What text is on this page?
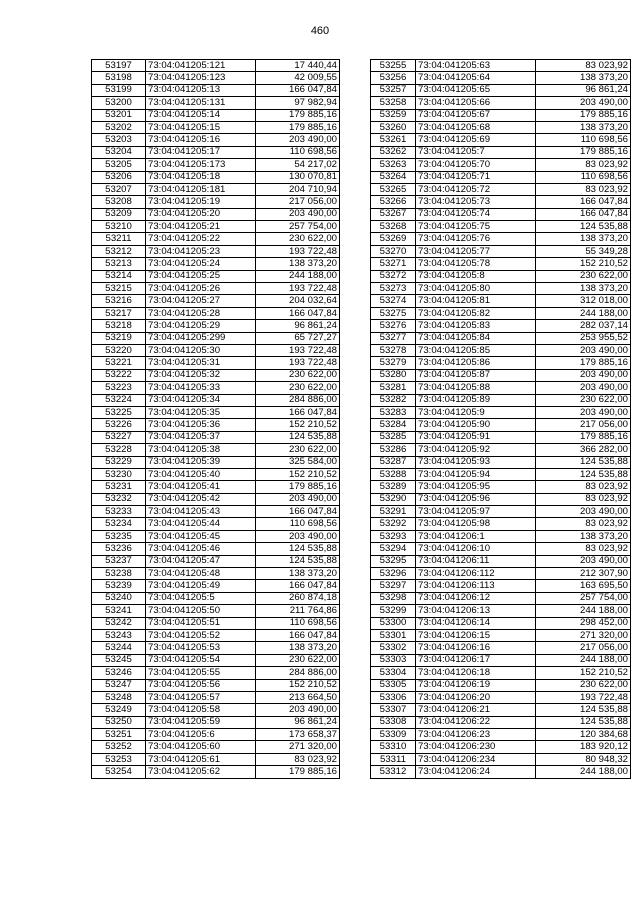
460
53197	73:04:041205:121	17 440,44
53198	73:04:041205:123	42 009,55
53199	73:04:041205:13	166 047,84
53200	73:04:041205:131	97 982,94
53201	73:04:041205:14	179 885,16
53202	73:04:041205:15	179 885,16
53203	73:04:041205:16	203 490,00
53204	73:04:041205:17	110 698,56
53205	73:04:041205:173	54 217,02
53206	73:04:041205:18	130 070,81
53207	73:04:041205:181	204 710,94
53208	73:04:041205:19	217 056,00
53209	73:04:041205:20	203 490,00
53210	73:04:041205:21	257 754,00
53211	73:04:041205:22	230 622,00
53212	73:04:041205:23	193 722,48
53213	73:04:041205:24	138 373,20
53214	73:04:041205:25	244 188,00
53215	73:04:041205:26	193 722,48
53216	73:04:041205:27	204 032,64
53217	73:04:041205:28	166 047,84
53218	73:04:041205:29	96 861,24
53219	73:04:041205:299	65 727,27
53220	73:04:041205:30	193 722,48
53221	73:04:041205:31	193 722,48
53222	73:04:041205:32	230 622,00
53223	73:04:041205:33	230 622,00
53224	73:04:041205:34	284 886,00
53225	73:04:041205:35	166 047,84
53226	73:04:041205:36	152 210,52
53227	73:04:041205:37	124 535,88
53228	73:04:041205:38	230 622,00
53229	73:04:041205:39	325 584,00
53230	73:04:041205:40	152 210,52
53231	73:04:041205:41	179 885,16
53232	73:04:041205:42	203 490,00
53233	73:04:041205:43	166 047,84
53234	73:04:041205:44	110 698,56
53235	73:04:041205:45	203 490,00
53236	73:04:041205:46	124 535,88
53237	73:04:041205:47	124 535,88
53238	73:04:041205:48	138 373,20
53239	73:04:041205:49	166 047,84
53240	73:04:041205:5	260 874,18
53241	73:04:041205:50	211 764,86
53242	73:04:041205:51	110 698,56
53243	73:04:041205:52	166 047,84
53244	73:04:041205:53	138 373,20
53245	73:04:041205:54	230 622,00
53246	73:04:041205:55	284 886,00
53247	73:04:041205:56	152 210,52
53248	73:04:041205:57	213 664,50
53249	73:04:041205:58	203 490,00
53250	73:04:041205:59	96 861,24
53251	73:04:041205:6	173 658,37
53252	73:04:041205:60	271 320,00
53253	73:04:041205:61	83 023,92
53254	73:04:041205:62	179 885,16
53255	73:04:041205:63	83 023,92
53256	73:04:041205:64	138 373,20
53257	73:04:041205:65	96 861,24
53258	73:04:041205:66	203 490,00
53259	73:04:041205:67	179 885,16
53260	73:04:041205:68	138 373,20
53261	73:04:041205:69	110 698,56
53262	73:04:041205:7	179 885,16
53263	73:04:041205:70	83 023,92
53264	73:04:041205:71	110 698,56
53265	73:04:041205:72	83 023,92
53266	73:04:041205:73	166 047,84
53267	73:04:041205:74	166 047,84
53268	73:04:041205:75	124 535,88
53269	73:04:041205:76	138 373,20
53270	73:04:041205:77	55 349,28
53271	73:04:041205:78	152 210,52
53272	73:04:041205:8	230 622,00
53273	73:04:041205:80	138 373,20
53274	73:04:041205:81	312 018,00
53275	73:04:041205:82	244 188,00
53276	73:04:041205:83	282 037,14
53277	73:04:041205:84	253 955,52
53278	73:04:041205:85	203 490,00
53279	73:04:041205:86	179 885,16
53280	73:04:041205:87	203 490,00
53281	73:04:041205:88	203 490,00
53282	73:04:041205:89	230 622,00
53283	73:04:041205:9	203 490,00
53284	73:04:041205:90	217 056,00
53285	73:04:041205:91	179 885,16
53286	73:04:041205:92	366 282,00
53287	73:04:041205:93	124 535,88
53288	73:04:041205:94	124 535,88
53289	73:04:041205:95	83 023,92
53290	73:04:041205:96	83 023,92
53291	73:04:041205:97	203 490,00
53292	73:04:041205:98	83 023,92
53293	73:04:041206:1	138 373,20
53294	73:04:041206:10	83 023,92
53295	73:04:041206:11	203 490,00
53296	73:04:041206:112	212 307,90
53297	73:04:041206:113	163 695,50
53298	73:04:041206:12	257 754,00
53299	73:04:041206:13	244 188,00
53300	73:04:041206:14	298 452,00
53301	73:04:041206:15	271 320,00
53302	73:04:041206:16	217 056,00
53303	73:04:041206:17	244 188,00
53304	73:04:041206:18	152 210,52
53305	73:04:041206:19	230 622,00
53306	73:04:041206:20	193 722,48
53307	73:04:041206:21	124 535,88
53308	73:04:041206:22	124 535,88
53309	73:04:041206:23	120 384,68
53310	73:04:041206:230	183 920,12
53311	73:04:041206:234	80 948,32
53312	73:04:041206:24	244 188,00
